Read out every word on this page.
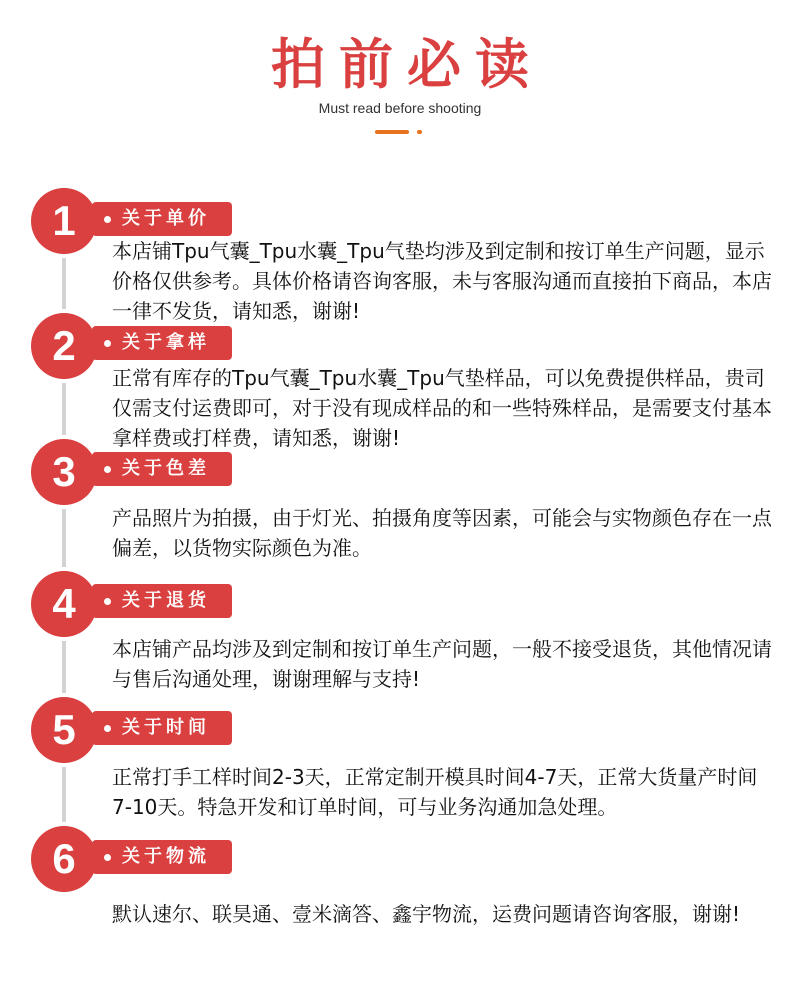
拍前必读
Must read before shooting
1	关于单价
本店铺Tpu气囊_Tpu水囊_Tpu气垫均涉及到定制和按订单生产问题，显示价格仅供参考。具体价格请咨询客服，未与客服沟通而直接拍下商品，本店一律不发货，请知悉，谢谢!
2	关于拿样
正常有库存的Tpu气囊_Tpu水囊_Tpu气垫样品，可以免费提供样品，贵司仅需支付运费即可，对于没有现成样品的和一些特殊样品，是需要支付基本拿样费或打样费，请知悉，谢谢!
3	关于色差
产品照片为拍摄，由于灯光、拍摄角度等因素，可能会与实物颜色存在一点偏差，以货物实际颜色为准。
4	关于退货
本店铺产品均涉及到定制和按订单生产问题，一般不接受退货，其他情况请与售后沟通处理，谢谢理解与支持!
5	关于时间
正常打手工样时间2-3天，正常定制开模具时间4-7天，正常大货量产时间7-10天。特急开发和订单时间，可与业务沟通加急处理。
6	关于物流
默认速尔、联昊通、壹米滴答、鑫宇物流，运费问题请咨询客服，谢谢!
